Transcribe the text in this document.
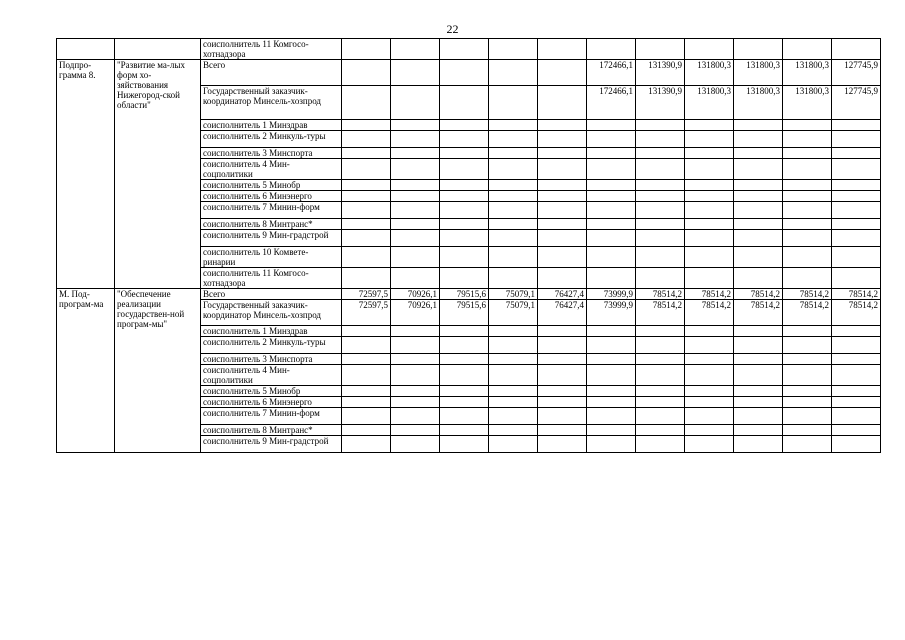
22
		соисполнитель 11 Комгосо-хотнадзора											
Подпро-грамма 8.	"Развитие ма-лых форм хо-зяйствования Нижегород-ской области"	Всего						172466,1	131390,9	131800,3	131800,3	131800,3	127745,9
		Государственный заказчик-координатор Минсель-хозпрод						172466,1	131390,9	131800,3	131800,3	131800,3	127745,9
		соисполнитель 1 Минздрав											
		соисполнитель 2 Минкуль-туры											
		соисполнитель 3 Минспорта											
		соисполнитель 4 Мин-соцполитики											
		соисполнитель 5 Минобр											
		соисполнитель 6 Минэнерго											
		соисполнитель 7 Минин-форм											
		соисполнитель 8 Минтранс*											
		соисполнитель 9 Мин-градстрой											
		соисполнитель 10 Комвете-ринарии											
		соисполнитель 11 Комгосо-хотнадзора											
М. Под-програм-ма	"Обеспечение реализации государствен-ной програм-мы"	Всего	72597,5	70926,1	79515,6	75079,1	76427,4	73999,9	78514,2	78514,2	78514,2	78514,2	78514,2
		Государственный заказчик-координатор Минсель-хозпрод	72597,5	70926,1	79515,6	75079,1	76427,4	73999,9	78514,2	78514,2	78514,2	78514,2	78514,2
		соисполнитель 1 Минздрав											
		соисполнитель 2 Минкуль-туры											
		соисполнитель 3 Минспорта											
		соисполнитель 4 Мин-соцполитики											
		соисполнитель 5 Минобр											
		соисполнитель 6 Минэнерго											
		соисполнитель 7 Минин-форм											
		соисполнитель 8 Минтранс*											
		соисполнитель 9 Мин-градстрой											
